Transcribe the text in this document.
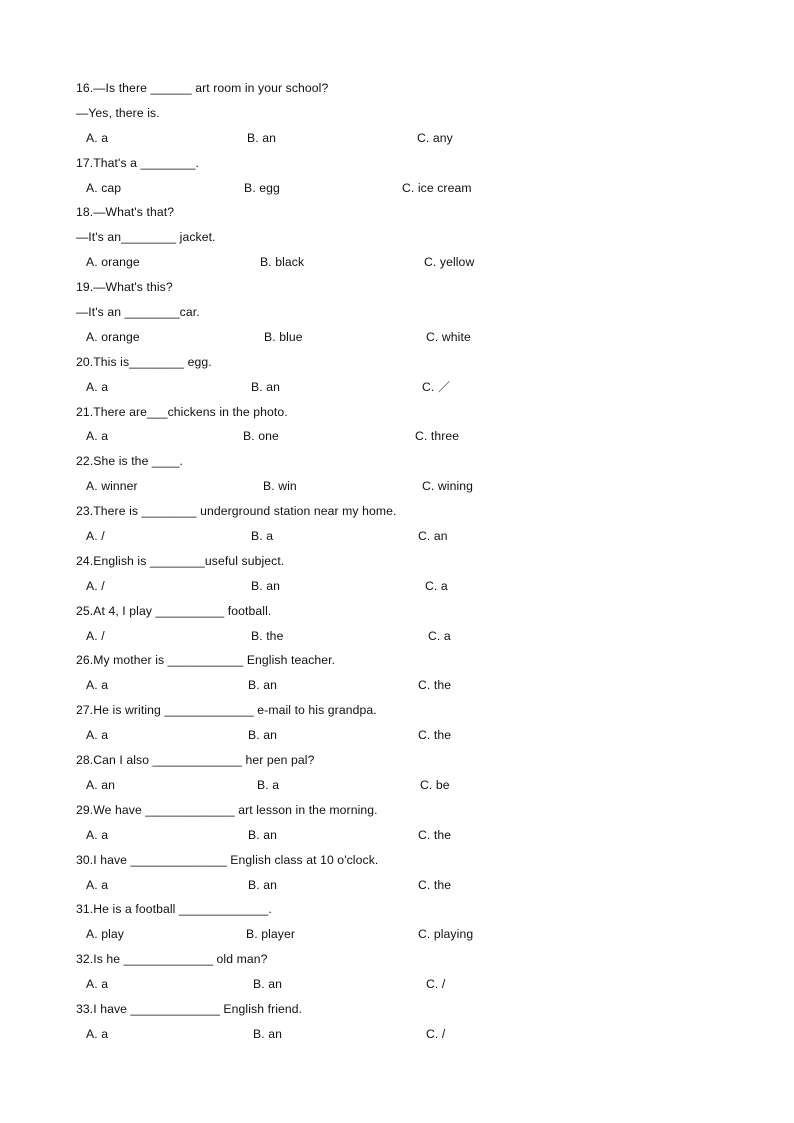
16.—Is there ______ art room in your school?
—Yes, there is.
A. a	B. an	C. any
17.That's a ________.
A. cap	B. egg	C. ice cream
18.—What's that?
—It's an________ jacket.
A. orange	B. black	C. yellow
19.—What's this?
—It's an ________car.
A. orange	B. blue	C. white
20.This is________ egg.
A. a	B. an	C. ／
21.There are___chickens in the photo.
A. a	B. one	C. three
22.She is the ____.
A. winner	B. win	C. wining
23.There is ________ underground station near my home.
A. /	B. a	C. an
24.English is ________useful subject.
A. /	B. an	C. a
25.At 4, I play __________ football.
A. /	B. the	C. a
26.My mother is ___________ English teacher.
A. a	B. an	C. the
27.He is writing _____________ e-mail to his grandpa.
A. a	B. an	C. the
28.Can I also _____________ her pen pal?
A. an	B. a	C. be
29.We have _____________ art lesson in the morning.
A. a	B. an	C. the
30.I have ______________ English class at 10 o'clock.
A. a	B. an	C. the
31.He is a football _____________.
A. play	B. player	C. playing
32.Is he _____________ old man?
A. a	B. an	C. /
33.I have _____________ English friend.
A. a	B. an	C. /
